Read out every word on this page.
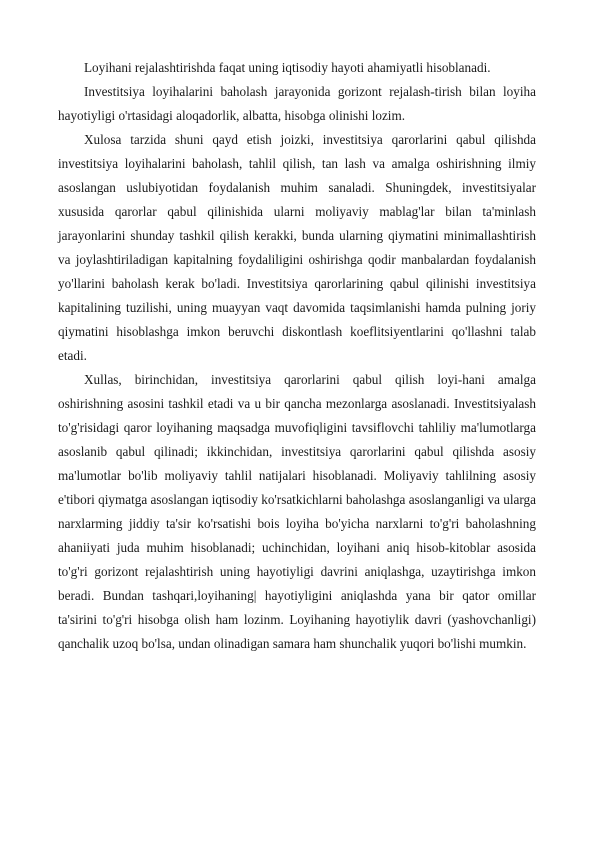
Loyihani rejalashtirishda faqat uning iqtisodiy hayoti ahamiyatli hisoblanadi.

Investitsiya loyihalarini baholash jarayonida gorizont rejalash-tirish bilan loyiha hayotiyligi o'rtasidagi aloqadorlik, albatta, hisobga olinishi lozim.

Xulosa tarzida shuni qayd etish joizki, investitsiya qarorlarini qabul qilishda investitsiya loyihalarini baholash, tahlil qilish, tan lash va amalga oshirishning ilmiy asoslangan uslubiyotidan foydalanish muhim sanaladi. Shuningdek, investitsiyalar xususida qarorlar qabul qilinishida ularni moliyaviy mablag'lar bilan ta'minlash jarayonlarini shunday tashkil qilish kerakki, bunda ularning qiymatini minimallashtirish va joylashtiriladigan kapitalning foydaliligini oshirishga qodir manbalardan foydalanish yo'llarini baholash kerak bo'ladi. Investitsiya qarorlarining qabul qilinishi investitsiya kapitalining tuzilishi, uning muayyan vaqt davomida taqsimlanishi hamda pulning joriy qiymatini hisoblashga imkon beruvchi diskontlash koeflitsiyentlarini qo'llashni talab etadi.

Xullas, birinchidan, investitsiya qarorlarini qabul qilish loyi-hani amalga oshirishning asosini tashkil etadi va u bir qancha mezonlarga asoslanadi. Investitsiyalash to'g'risidagi qaror loyihaning maqsadga muvofiqligini tavsiflovchi tahliliy ma'lumotlarga asoslanib qabul qilinadi; ikkinchidan, investitsiya qarorlarini qabul qilishda asosiy ma'lumotlar bo'lib moliyaviy tahlil natijalari hisoblanadi. Moliyaviy tahlilning asosiy e'tibori qiymatga asoslangan iqtisodiy ko'rsatkichlarni baholashga asoslanganligi va ularga narxlarming jiddiy ta'sir ko'rsatishi bois loyiha bo'yicha narxlarni to'g'ri baholashning ahaniiyati juda muhim hisoblanadi; uchinchidan, loyihani aniq hisob-kitoblar asosida to'g'ri gorizont rejalashtirish uning hayotiyligi davrini aniqlashga, uzaytirishga imkon beradi. Bundan tashqari,loyihaning| hayotiyligini aniqlashda yana bir qator omillar ta'sirini to'g'ri hisobga olish ham lozinm. Loyihaning hayotiylik davri (yashovchanligi) qanchalik uzoq bo'lsa, undan olinadigan samara ham shunchalik yuqori bo'lishi mumkin.
